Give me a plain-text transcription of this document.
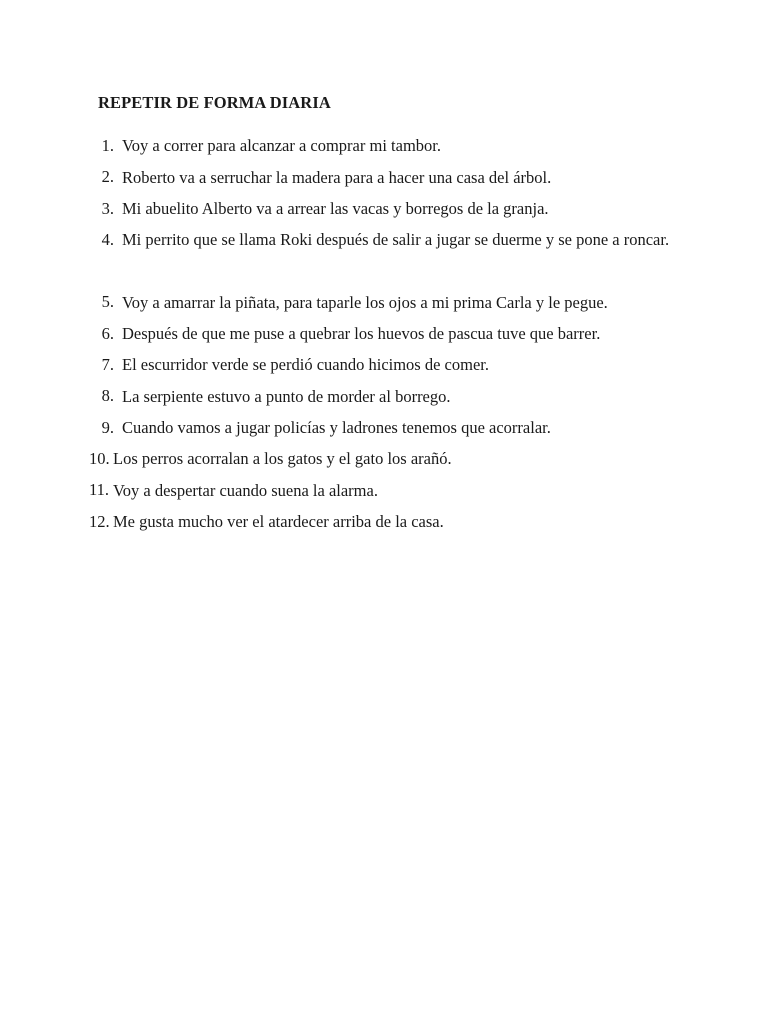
REPETIR DE FORMA DIARIA
1. Voy a correr para alcanzar a comprar mi tambor.
2. Roberto va a serruchar la madera para a hacer una casa del árbol.
3. Mi abuelito Alberto va a arrear las vacas y borregos de la granja.
4. Mi perrito que se llama Roki después de salir a jugar se duerme y se pone a roncar.
5. Voy a amarrar la piñata, para taparle los ojos a mi prima Carla y le pegue.
6. Después de que me puse a quebrar los huevos de pascua tuve que barrer.
7. El escurridor verde se perdió cuando hicimos de comer.
8. La serpiente estuvo a punto de morder al borrego.
9. Cuando vamos a jugar policías y ladrones tenemos que acorralar.
10. Los perros acorralan a los gatos y el gato los arañó.
11. Voy a despertar cuando suena la alarma.
12. Me gusta mucho ver el atardecer arriba de la casa.
